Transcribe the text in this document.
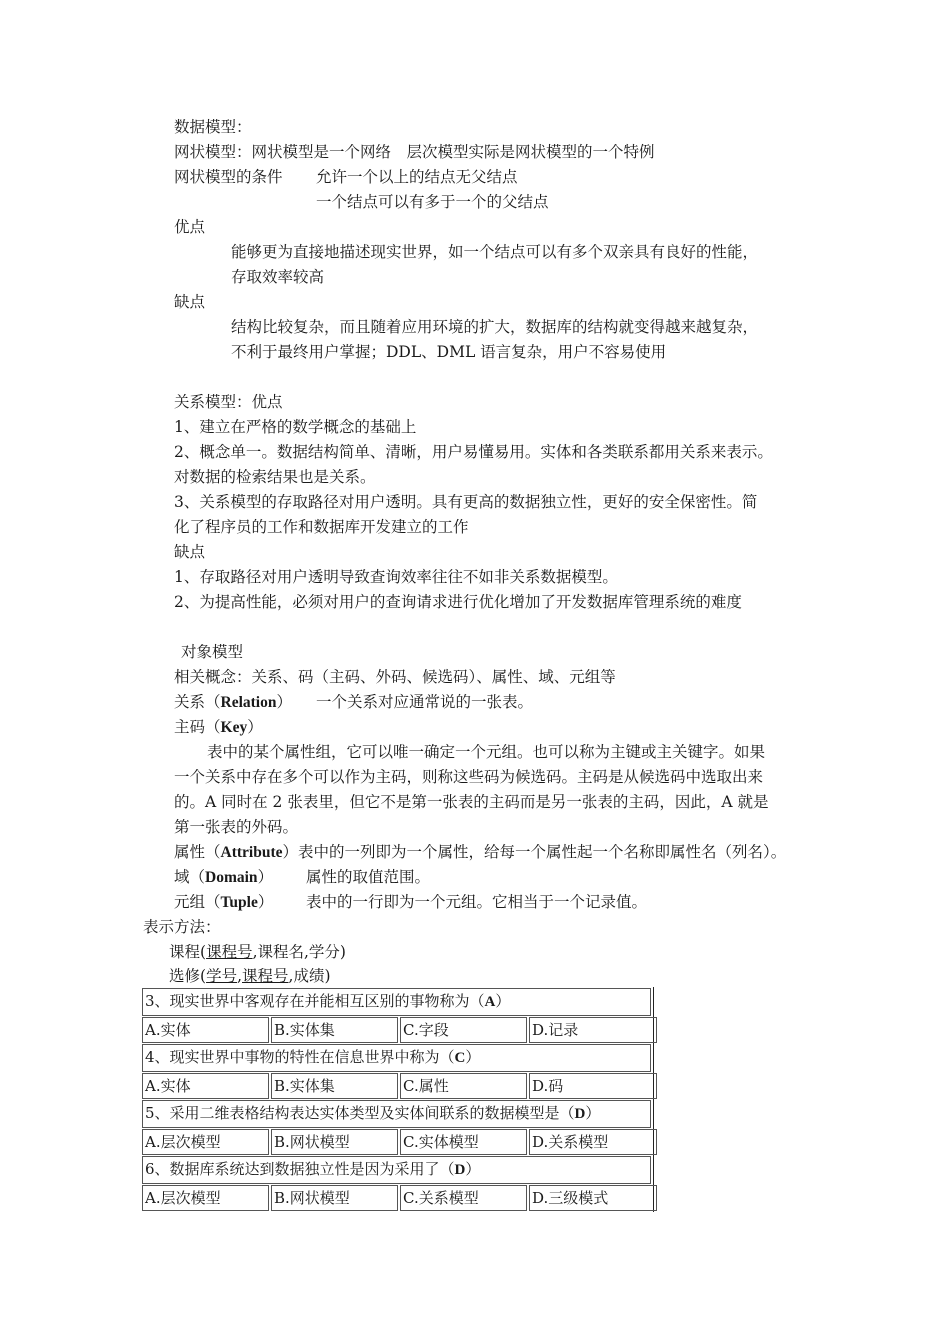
数据模型：
网状模型：网状模型是一个网络　层次模型实际是网状模型的一个特例
网状模型的条件 允许一个以上的结点无父结点
一个结点可以有多于一个的父结点
优点
能够更为直接地描述现实世界，如一个结点可以有多个双亲具有良好的性能，
存取效率较高
缺点
结构比较复杂，而且随着应用环境的扩大，数据库的结构就变得越来越复杂，
不利于最终用户掌握；DDL、DML 语言复杂，用户不容易使用
关系模型：优点
1、建立在严格的数学概念的基础上
2、概念单一。数据结构简单、清晰，用户易懂易用。实体和各类联系都用关系来表示。
对数据的检索结果也是关系。
3、关系模型的存取路径对用户透明。具有更高的数据独立性，更好的安全保密性。简
化了程序员的工作和数据库开发建立的工作
缺点
1、存取路径对用户透明导致查询效率往往不如非关系数据模型。
2、为提高性能，必须对用户的查询请求进行优化增加了开发数据库管理系统的难度
对象模型
相关概念：关系、码（主码、外码、候选码）、属性、域、元组等
关系（Relation） 一个关系对应通常说的一张表。
主码（Key）
表中的某个属性组，它可以唯一确定一个元组。也可以称为主键或主关键字。如果
一个关系中存在多个可以作为主码，则称这些码为候选码。主码是从候选码中选取出来
的。A 同时在 2 张表里，但它不是第一张表的主码而是另一张表的主码，因此，A 就是
第一张表的外码。
属性（Attribute）表中的一列即为一个属性，给每一个属性起一个名称即属性名（列名）。
域（Domain） 属性的取值范围。
元组（Tuple） 表中的一行即为一个元组。它相当于一个记录值。
表示方法：
课程(课程号,课程名,学分)
选修(学号,课程号,成绩)
3、现实世界中客观存在并能相互区别的事物称为（A）
A.实体	B.实体集	C.字段	D.记录
4、现实世界中事物的特性在信息世界中称为（C）
A.实体	B.实体集	C.属性	D.码
5、采用二维表格结构表达实体类型及实体间联系的数据模型是（D）
A.层次模型	B.网状模型	C.实体模型	D.关系模型
6、数据库系统达到数据独立性是因为采用了（D）
A.层次模型	B.网状模型	C.关系模型	D.三级模式
